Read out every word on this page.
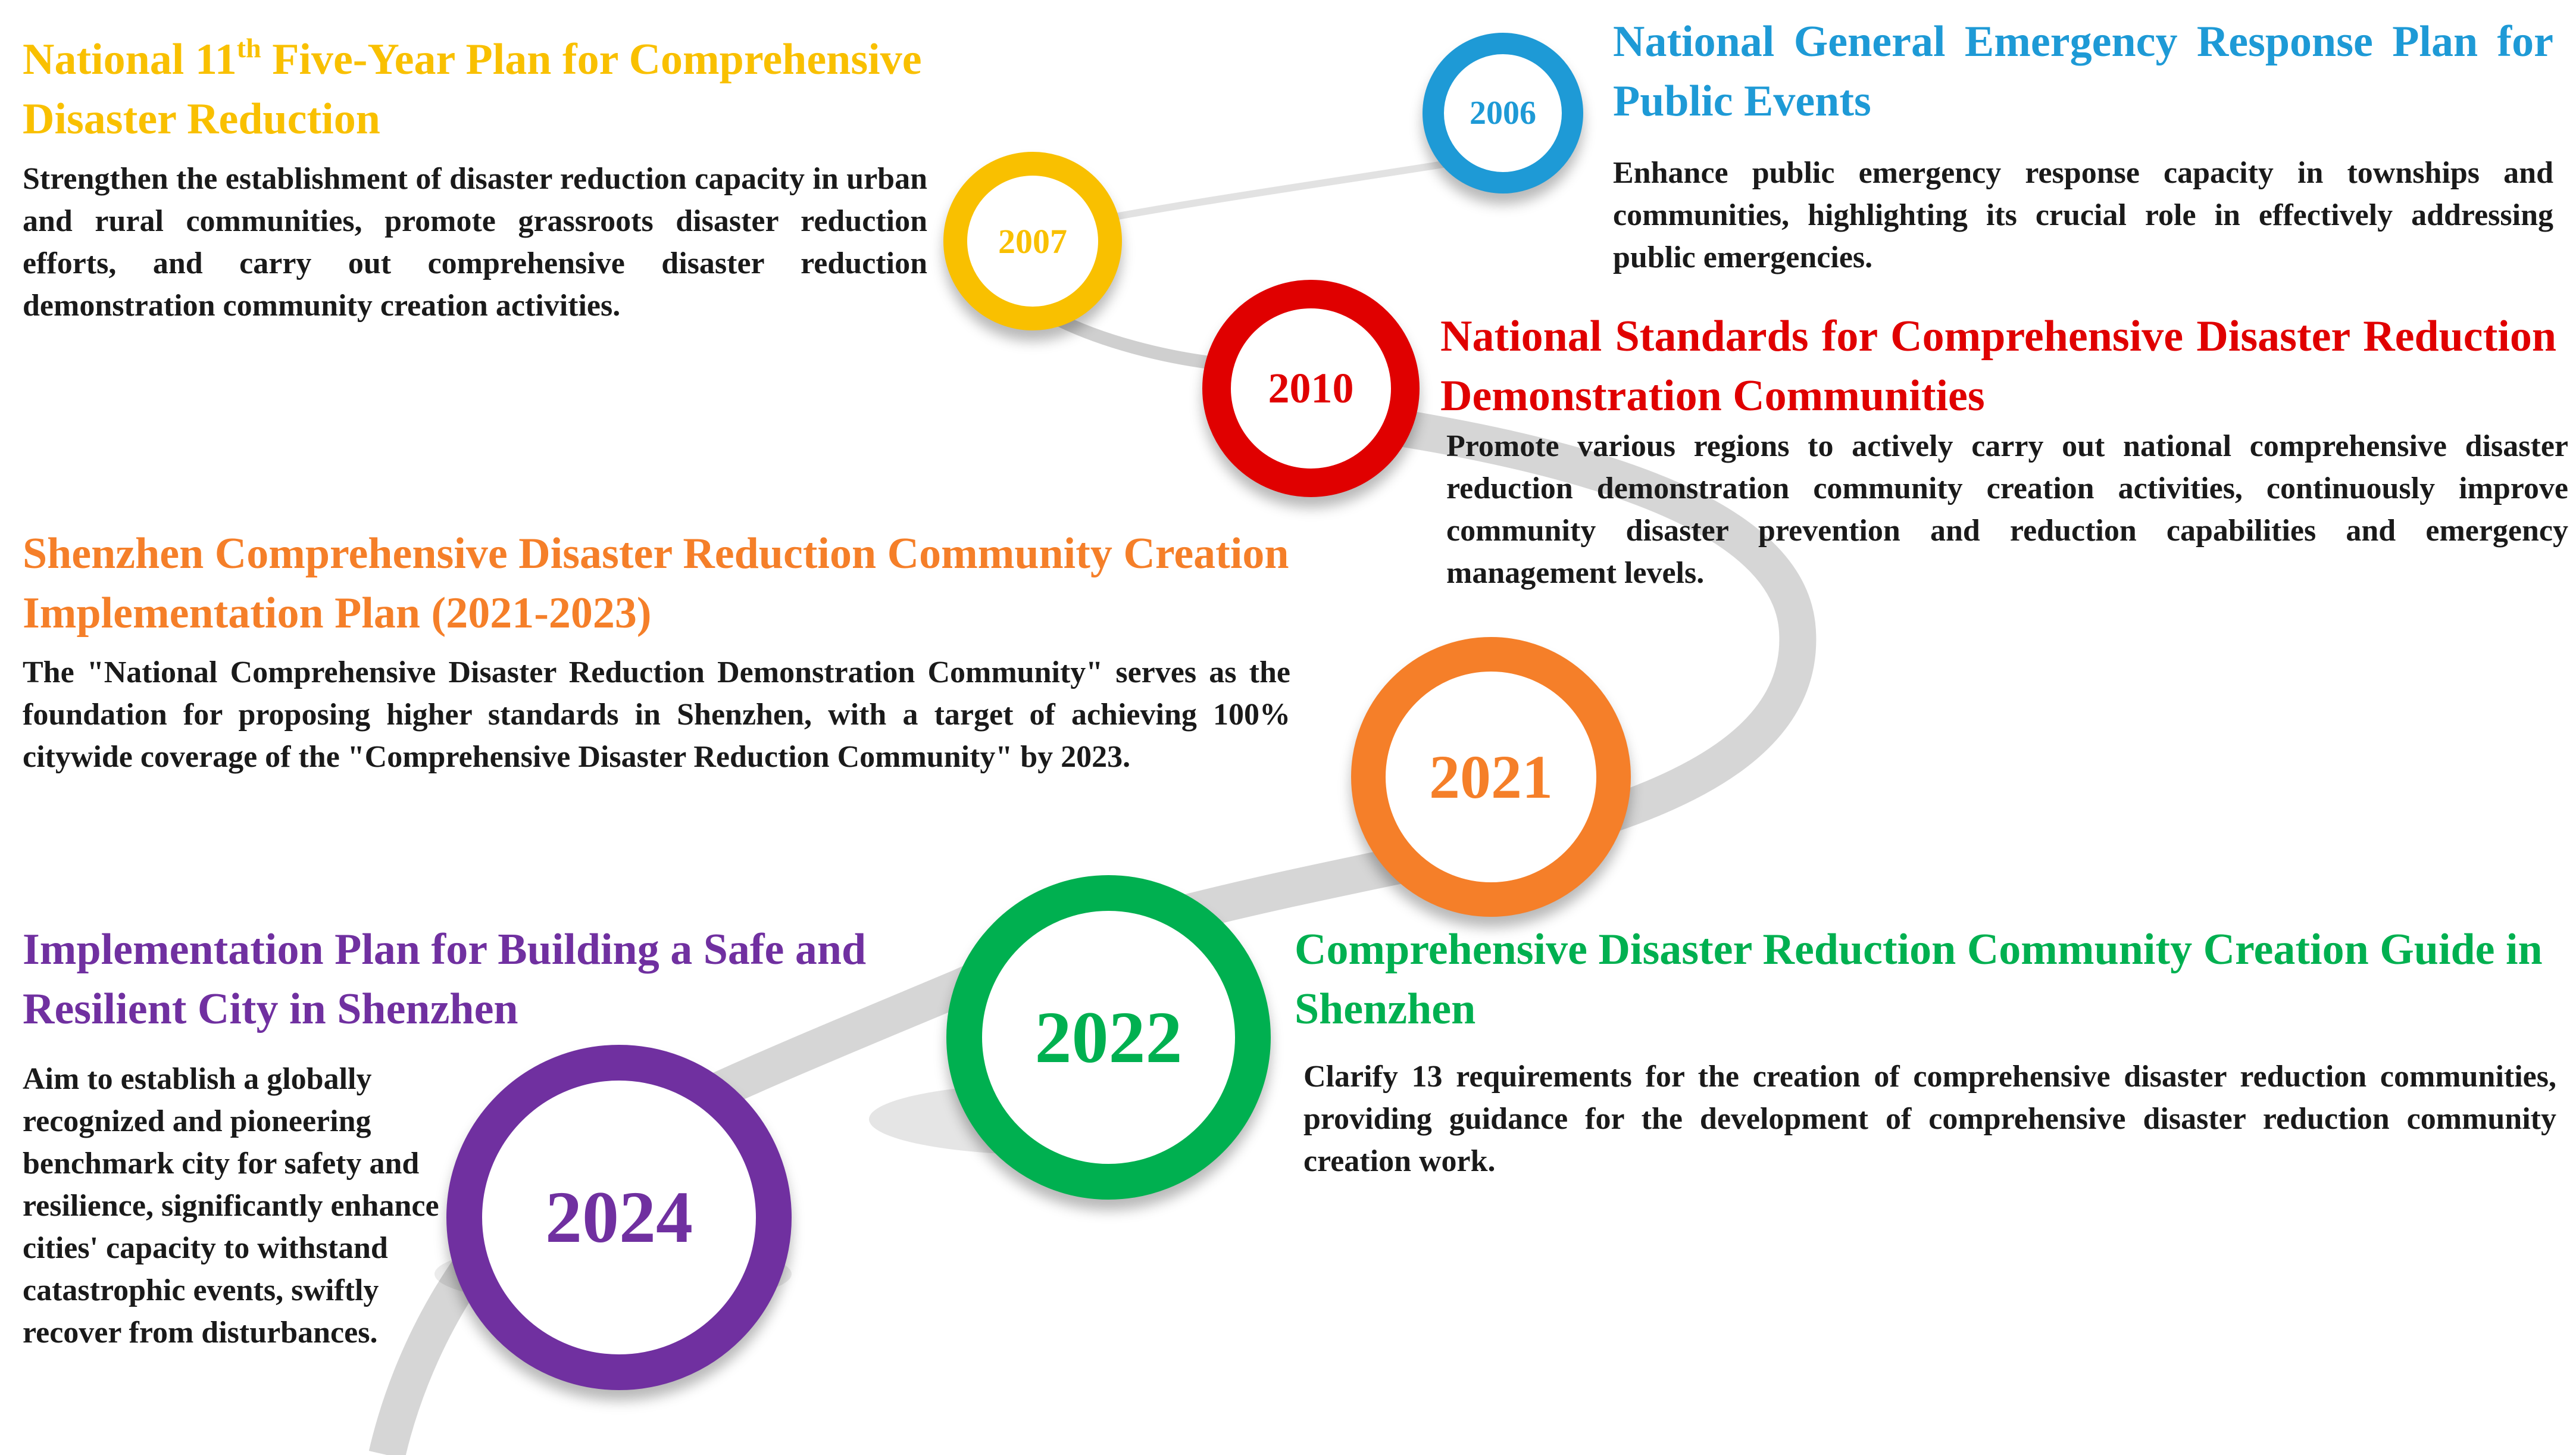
2006
2007
2010
2021
2022
2024
National General Emergency Response Plan for Public Events

Enhance public emergency response capacity in townships and communities, highlighting its crucial role in effectively addressing public emergencies.

National 11th Five-Year Plan for Comprehensive
Disaster Reduction

Strengthen the establishment of disaster reduction capacity in urban and rural communities, promote grassroots disaster reduction efforts, and carry out comprehensive disaster reduction demonstration community creation activities.

National Standards for Comprehensive Disaster Reduction Demonstration Communities

Promote various regions to actively carry out national comprehensive disaster reduction demonstration community creation activities, continuously improve community disaster prevention and reduction capabilities and emergency management levels.

Shenzhen Comprehensive Disaster Reduction Community Creation Implementation Plan (2021-2023)

The "National Comprehensive Disaster Reduction Demonstration Community" serves as the foundation for proposing higher standards in Shenzhen, with a target of achieving 100% citywide coverage of the "Comprehensive Disaster Reduction Community" by 2023.

Comprehensive Disaster Reduction Community Creation Guide in Shenzhen

Clarify 13 requirements for the creation of comprehensive disaster reduction communities, providing guidance for the development of comprehensive disaster reduction community creation work.

Implementation Plan for Building a Safe and Resilient City in Shenzhen

Aim to establish a globally recognized and pioneering benchmark city for safety and resilience, significantly enhance cities' capacity to withstand catastrophic events, swiftly recover from disturbances.
